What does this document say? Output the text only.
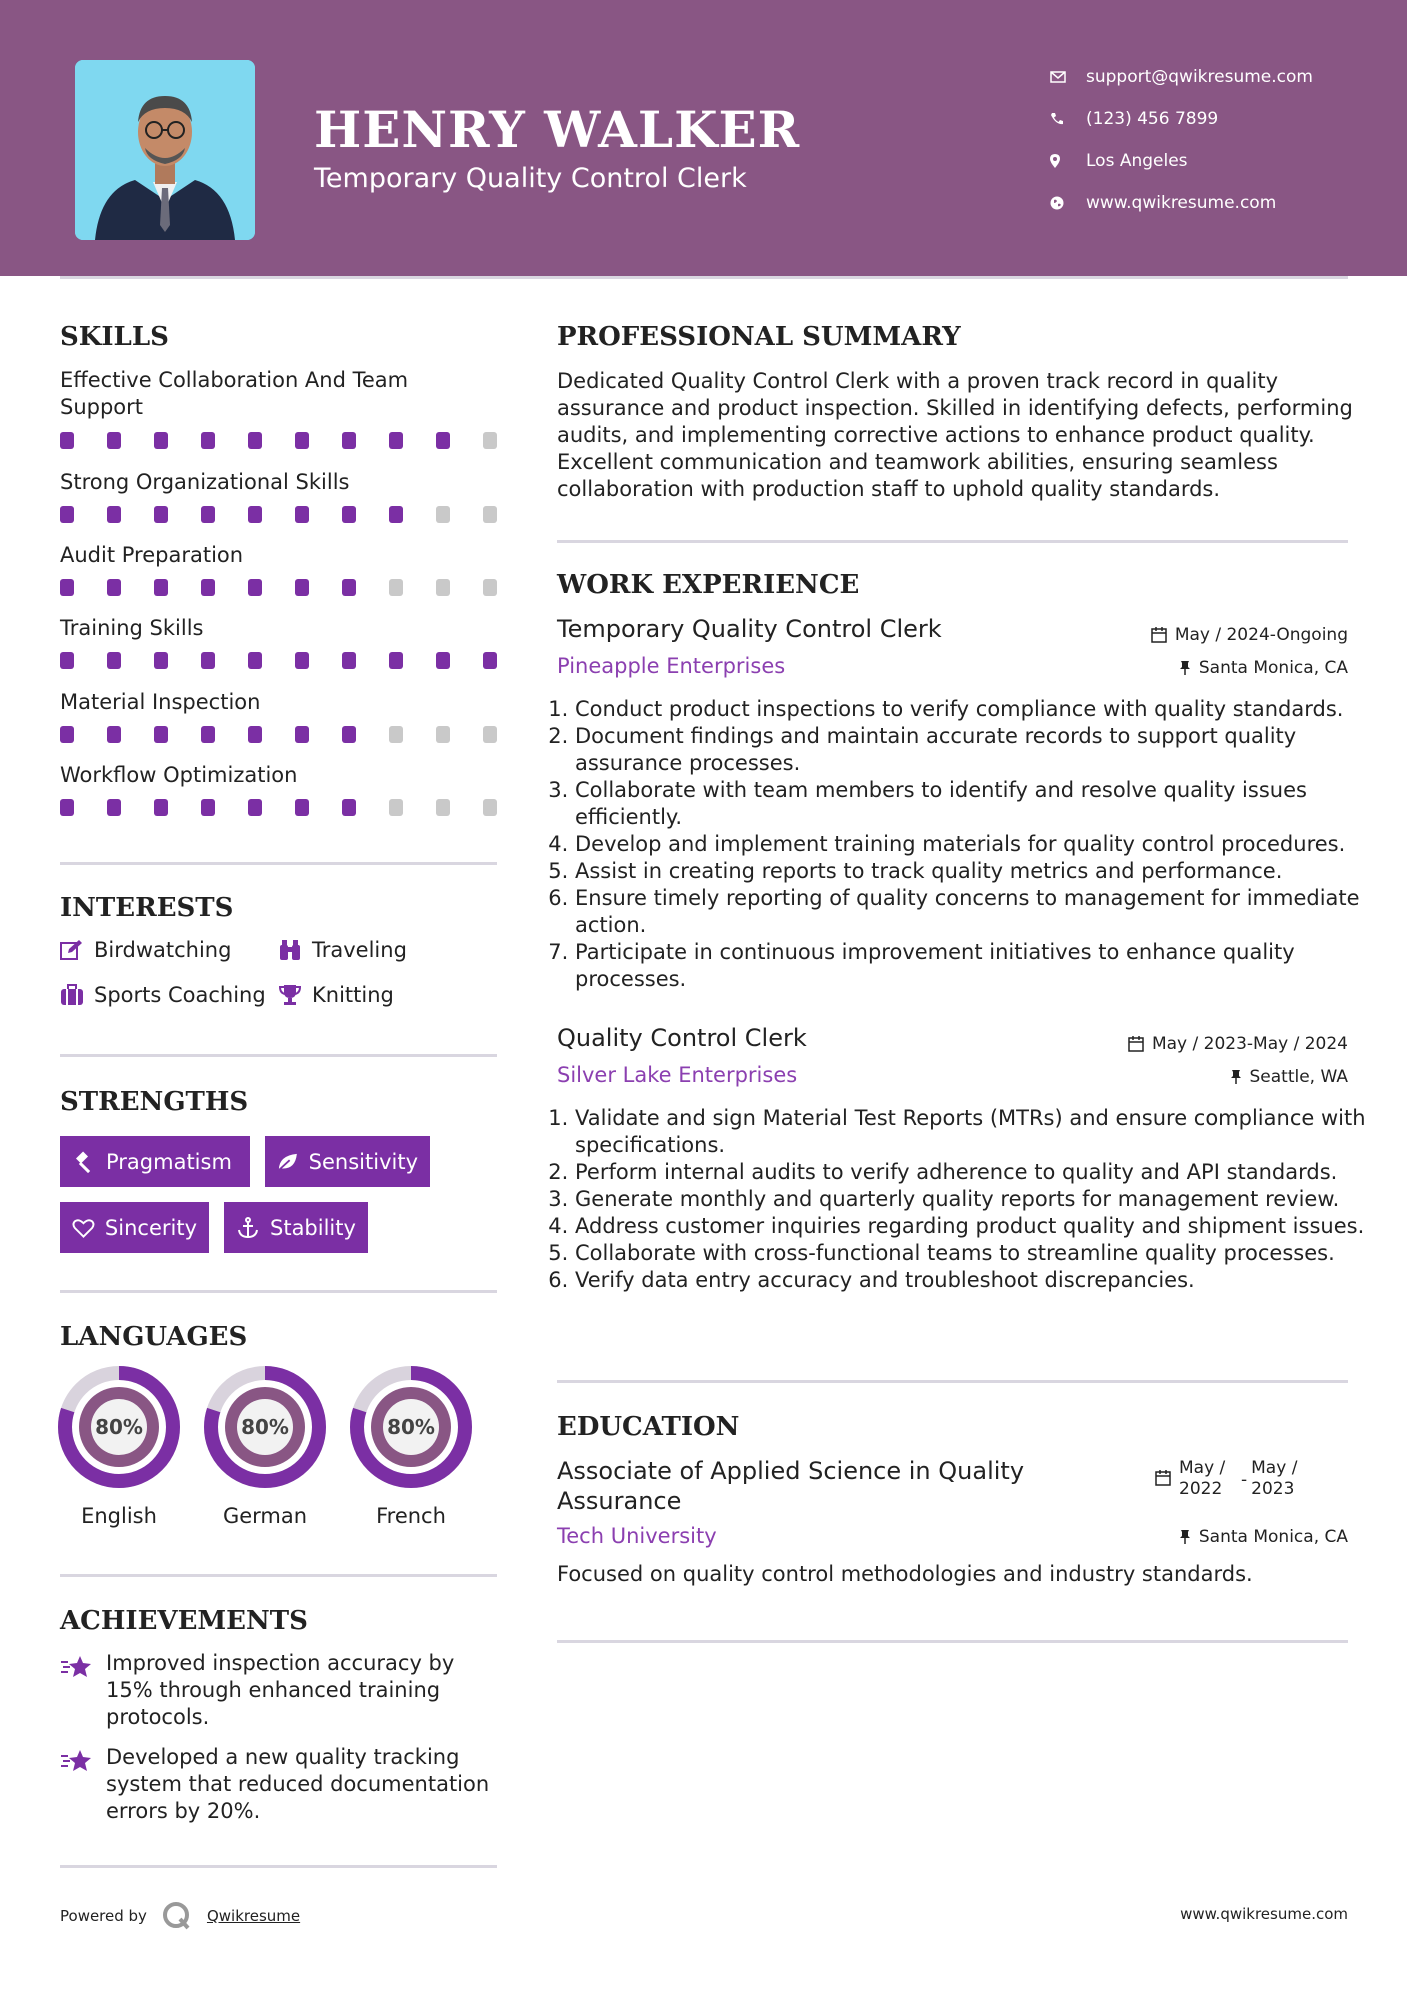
HENRY WALKER
Temporary Quality Control Clerk
support@qwikresume.com
(123) 456 7899
Los Angeles
www.qwikresume.com
SKILLS
Effective Collaboration And Team Support
Strong Organizational Skills
Audit Preparation
Training Skills
Material Inspection
Workflow Optimization
INTERESTS
Birdwatching	Traveling
Sports Coaching Knitting
STRENGTHS
Pragmatism	Sensitivity
Sincerity	Stability
LANGUAGES
80%
English
80%
German
80%
French
ACHIEVEMENTS
Improved inspection accuracy by 15% through enhanced training protocols.
Developed a new quality tracking system that reduced documentation errors by 20%.
PROFESSIONAL SUMMARY
Dedicated Quality Control Clerk with a proven track record in quality assurance and product inspection. Skilled in identifying defects, performing audits, and implementing corrective actions to enhance product quality. Excellent communication and teamwork abilities, ensuring seamless collaboration with production staff to uphold quality standards.
WORK EXPERIENCE
Temporary Quality Control Clerk	May / 2024-Ongoing
Pineapple Enterprises	Santa Monica, CA
1. Conduct product inspections to verify compliance with quality standards.
2. Document findings and maintain accurate records to support quality assurance processes.
3. Collaborate with team members to identify and resolve quality issues efficiently.
4. Develop and implement training materials for quality control procedures.
5. Assist in creating reports to track quality metrics and performance.
6. Ensure timely reporting of quality concerns to management for immediate action.
7. Participate in continuous improvement initiatives to enhance quality processes.
Quality Control Clerk	May / 2023-May / 2024
Silver Lake Enterprises	Seattle, WA
1. Validate and sign Material Test Reports (MTRs) and ensure compliance with specifications.
2. Perform internal audits to verify adherence to quality and API standards.
3. Generate monthly and quarterly quality reports for management review.
4. Address customer inquiries regarding product quality and shipment issues.
5. Collaborate with cross-functional teams to streamline quality processes.
6. Verify data entry accuracy and troubleshoot discrepancies.
EDUCATION
Associate of Applied Science in Quality Assurance
May / 2022	-
May / 2023
Tech University	Santa Monica, CA
Focused on quality control methodologies and industry standards.
Powered by	Qwikresume	www.qwikresume.com
